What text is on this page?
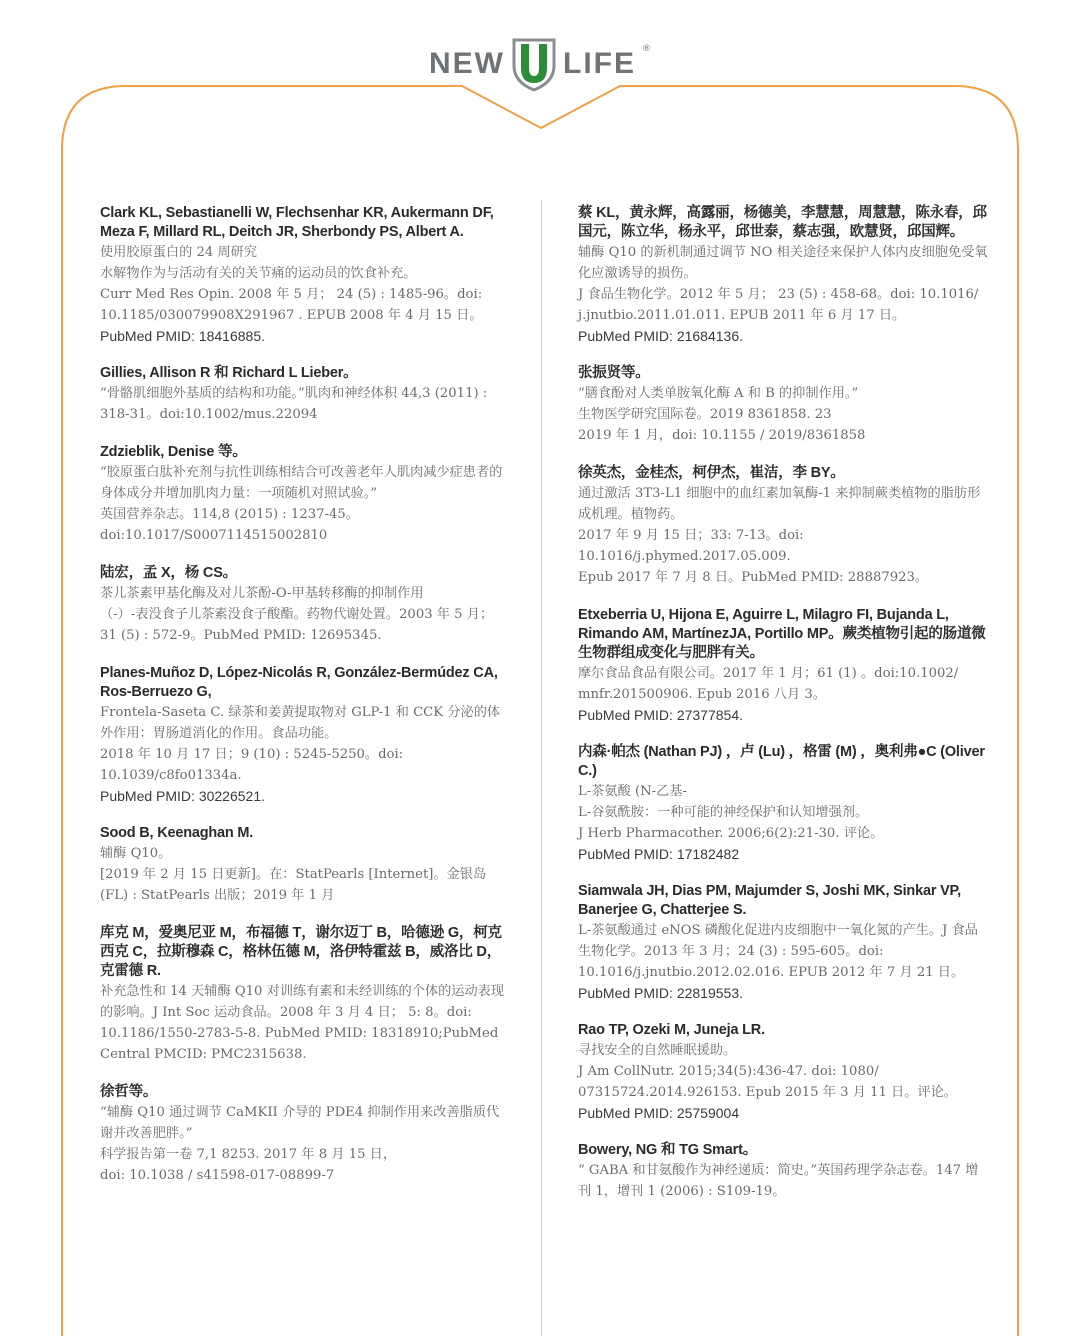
NEW LIFE ®
Clark KL, Sebastianelli W, Flechsenhar KR, Aukermann DF, Meza F, Millard RL, Deitch JR, Sherbondy PS, Albert A.
使用胶原蛋白的 24 周研究
水解物作为与活动有关的关节痛的运动员的饮食补充。
Curr Med Res Opin. 2008 年 5 月； 24 (5) : 1485-96。doi: 10.1185/030079908X291967 . EPUB 2008 年 4 月 15 日。
PubMed PMID: 18416885.
Gillies, Allison R 和 Richard L Lieber。
“骨骼肌细胞外基质的结构和功能。”肌肉和神经体积 44,3 (2011) : 318-31。doi:10.1002/mus.22094
Zdzieblik, Denise 等。
“胶原蛋白肽补充剂与抗性训练相结合可改善老年人肌肉减少症患者的身体成分并增加肌肉力量：一项随机对照试验。”
英国营养杂志。114,8 (2015) : 1237-45。
doi:10.1017/S0007114515002810
陆宏，孟 X，杨 CS。
茶儿茶素甲基化酶及对儿茶酚-O-甲基转移酶的抑制作用
（-）-表没食子儿茶素没食子酸酯。药物代谢处置。2003 年 5 月； 31 (5) : 572-9。PubMed PMID: 12695345.
Planes-Muñoz D, López-Nicolás R, González-Bermúdez CA, Ros-Berruezo G,
Frontela-Saseta C. 绿茶和姜黄提取物对 GLP-1 和 CCK 分泌的体外作用：胃肠道消化的作用。食品功能。
2018 年 10 月 17 日；9 (10) : 5245-5250。doi: 10.1039/c8fo01334a.
PubMed PMID: 30226521.
Sood B, Keenaghan M.
辅酶 Q10。
[2019 年 2 月 15 日更新]。在：StatPearls [Internet]。金银岛 (FL) : StatPearls 出版；2019 年 1 月
库克 M，爱奥尼亚 M，布福德 T，谢尔迈丁 B，哈德逊 G，柯克西克 C，拉斯穆森 C，格林伍德 M，洛伊特霍兹 B，威洛比 D，克雷德 R.
补充急性和 14 天辅酶 Q10 对训练有素和未经训练的个体的运动表现的影响。J Int Soc 运动食品。2008 年 3 月 4 日； 5: 8。doi: 10.1186/1550-2783-5-8. PubMed PMID: 18318910;PubMed Central PMCID: PMC2315638.
徐哲等。
“辅酶 Q10 通过调节 CaMKII 介导的 PDE4 抑制作用来改善脂质代谢并改善肥胖。”
科学报告第一卷 7,1 8253. 2017 年 8 月 15 日，
doi: 10.1038 / s41598-017-08899-7
蔡 KL，黄永辉，高露丽，杨德美，李慧慧，周慧慧，陈永春，邱国元，陈立华，杨永平，邱世泰，蔡志强，欧慧贤，邱国辉。
辅酶 Q10 的新机制通过调节 NO 相关途径来保护人体内皮细胞免受氧化应激诱导的损伤。
J 食品生物化学。2012 年 5 月； 23 (5) : 458-68。doi: 10.1016/ j.jnutbio.2011.01.011. EPUB 2011 年 6 月 17 日。
PubMed PMID: 21684136.
张振贤等。
“膳食酚对人类单胺氧化酶 A 和 B 的抑制作用。”
生物医学研究国际卷。2019 8361858. 23
2019 年 1 月，doi: 10.1155 / 2019/8361858
徐英杰，金桂杰，柯伊杰，崔洁，李 BY。
通过激活 3T3-L1 细胞中的血红素加氧酶-1 来抑制蕨类植物的脂肪形成机理。植物药。
2017 年 9 月 15 日；33: 7-13。doi: 10.1016/j.phymed.2017.05.009.
Epub 2017 年 7 月 8 日。PubMed PMID: 28887923。
Etxeberria U, Hijona E, Aguirre L, Milagro FI, Bujanda L, Rimando AM, MartínezJA, Portillo MP。蕨类植物引起的肠道微生物群组成变化与肥胖有关。
摩尔食品食品有限公司。2017 年 1 月；61 (1) 。doi:10.1002/ mnfr.201500906. Epub 2016 八月 3。
PubMed PMID: 27377854.
内森·帕杰 (Nathan PJ) ，卢 (Lu) ，格雷 (M) ，奥利弗●C (Oliver C.)
L-茶氨酸 (N-乙基-
L-谷氨酰胺：一种可能的神经保护和认知增强剂。
J Herb Pharmacother. 2006;6(2):21-30. 评论。
PubMed PMID: 17182482
Siamwala JH, Dias PM, Majumder S, Joshi MK, Sinkar VP, Banerjee G, Chatterjee S.
L-茶氨酸通过 eNOS 磷酸化促进内皮细胞中一氧化氮的产生。J 食品生物化学。2013 年 3 月；24 (3) : 595-605。doi:
10.1016/j.jnutbio.2012.02.016. EPUB 2012 年 7 月 21 日。
PubMed PMID: 22819553.
Rao TP, Ozeki M, Juneja LR.
寻找安全的自然睡眠援助。
J Am CollNutr. 2015;34(5):436-47. doi: 1080/ 07315724.2014.926153. Epub 2015 年 3 月 11 日。评论。
PubMed PMID: 25759004
Bowery, NG 和 TG Smart。
“ GABA 和甘氨酸作为神经递质：简史。”英国药理学杂志卷。147 增刊 1，增刊 1 (2006) : S109-19。
